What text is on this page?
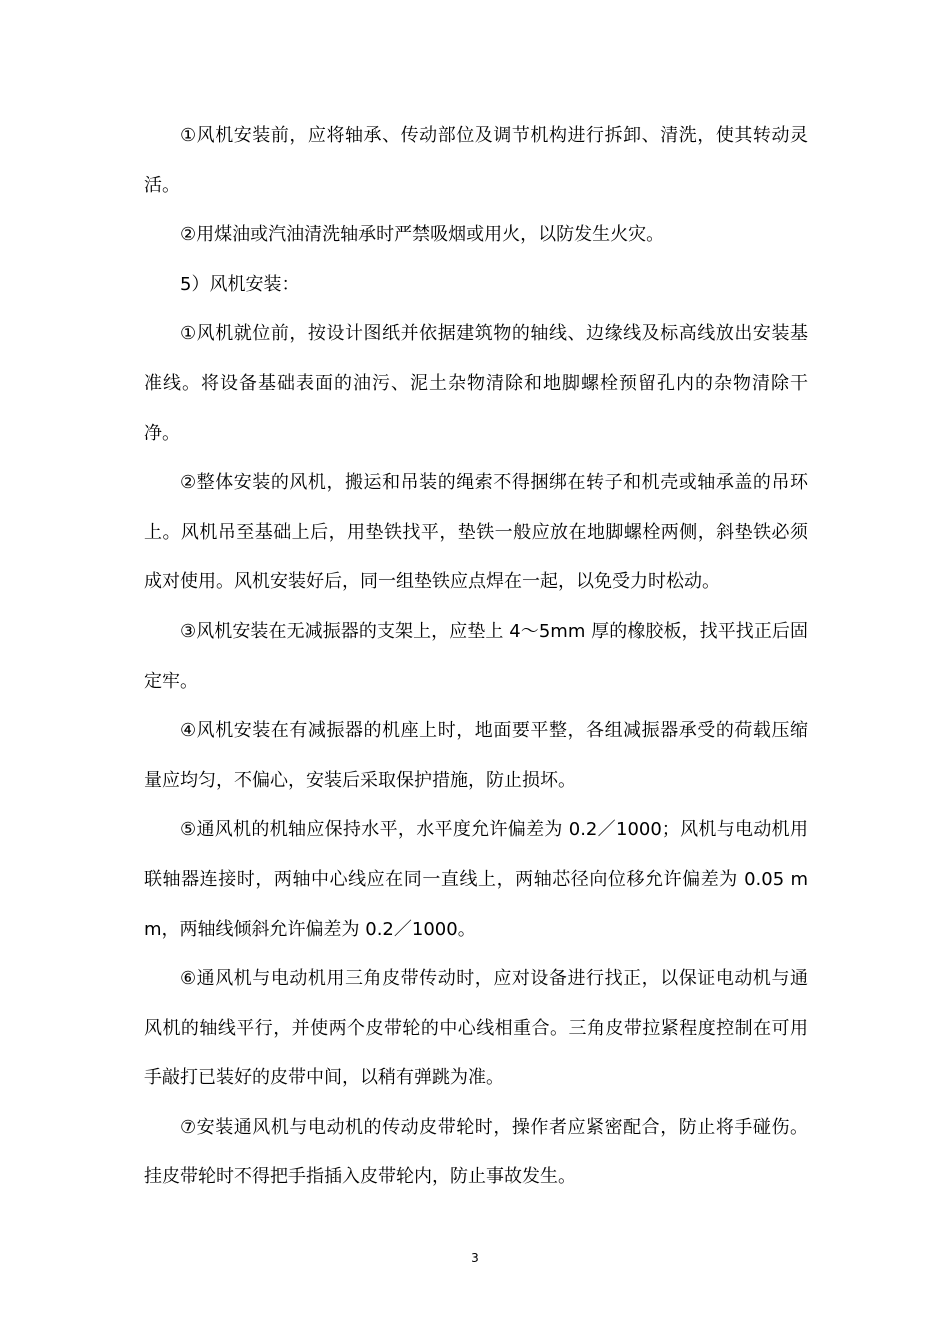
①风机安装前，应将轴承、传动部位及调节机构进行拆卸、清洗，使其转动灵活。

②用煤油或汽油清洗轴承时严禁吸烟或用火，以防发生火灾。

5）风机安装：

①风机就位前，按设计图纸并依据建筑物的轴线、边缘线及标高线放出安装基准线。将设备基础表面的油污、泥土杂物清除和地脚螺栓预留孔内的杂物清除干净。

②整体安装的风机，搬运和吊装的绳索不得捆绑在转子和机壳或轴承盖的吊环上。风机吊至基础上后，用垫铁找平，垫铁一般应放在地脚螺栓两侧，斜垫铁必须成对使用。风机安装好后，同一组垫铁应点焊在一起，以免受力时松动。

③风机安装在无减振器的支架上，应垫上 4～5mm 厚的橡胶板，找平找正后固定牢。

④风机安装在有减振器的机座上时，地面要平整，各组减振器承受的荷载压缩量应均匀，不偏心，安装后采取保护措施，防止损坏。

⑤通风机的机轴应保持水平，水平度允许偏差为 0.2／1000；风机与电动机用联轴器连接时，两轴中心线应在同一直线上，两轴芯径向位移允许偏差为 0.05 mm，两轴线倾斜允许偏差为 0.2／1000。

⑥通风机与电动机用三角皮带传动时，应对设备进行找正，以保证电动机与通风机的轴线平行，并使两个皮带轮的中心线相重合。三角皮带拉紧程度控制在可用手敲打已装好的皮带中间，以稍有弹跳为准。

⑦安装通风机与电动机的传动皮带轮时，操作者应紧密配合，防止将手碰伤。挂皮带轮时不得把手指插入皮带轮内，防止事故发生。

3
